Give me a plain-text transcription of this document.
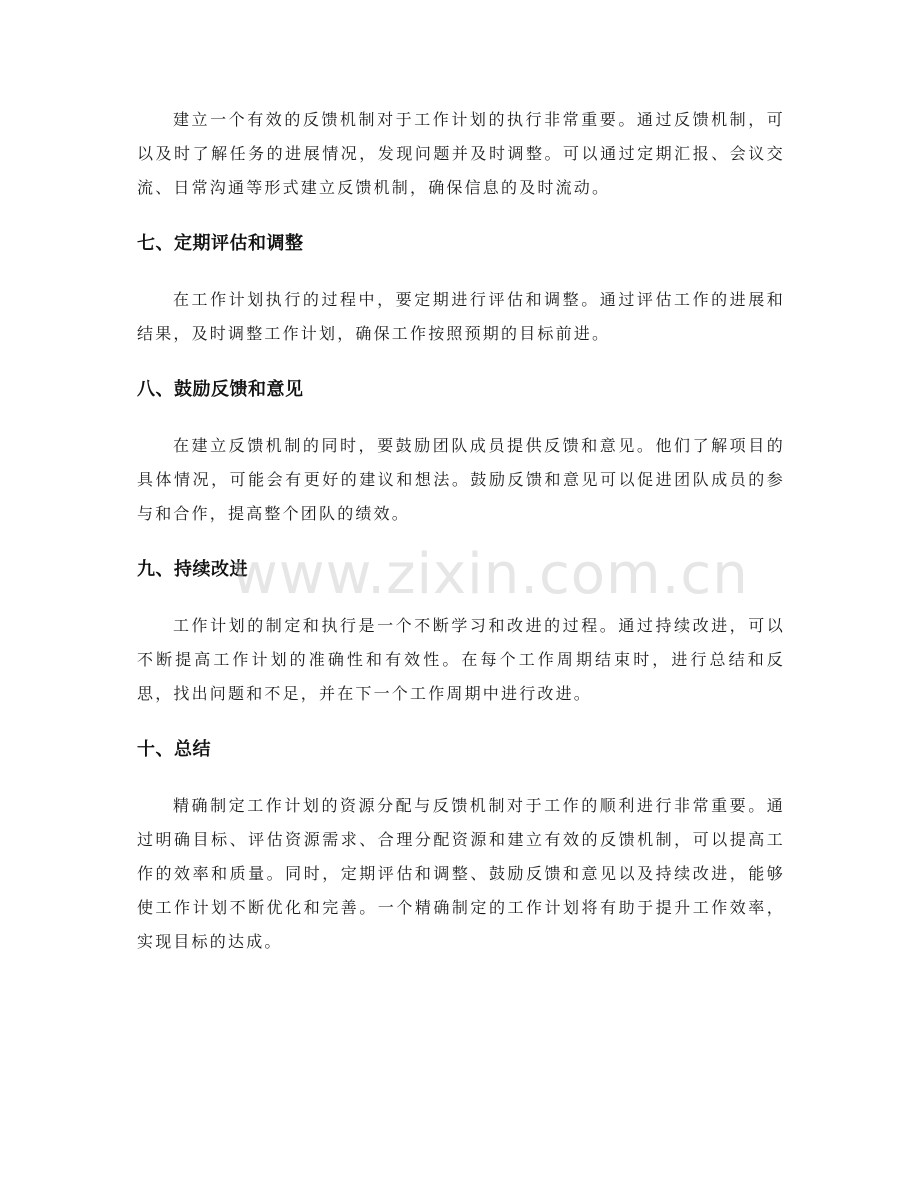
建立一个有效的反馈机制对于工作计划的执行非常重要。通过反馈机制，可以及时了解任务的进展情况，发现问题并及时调整。可以通过定期汇报、会议交流、日常沟通等形式建立反馈机制，确保信息的及时流动。

七、定期评估和调整

在工作计划执行的过程中，要定期进行评估和调整。通过评估工作的进展和结果，及时调整工作计划，确保工作按照预期的目标前进。

八、鼓励反馈和意见

在建立反馈机制的同时，要鼓励团队成员提供反馈和意见。他们了解项目的具体情况，可能会有更好的建议和想法。鼓励反馈和意见可以促进团队成员的参与和合作，提高整个团队的绩效。

九、持续改进

工作计划的制定和执行是一个不断学习和改进的过程。通过持续改进，可以不断提高工作计划的准确性和有效性。在每个工作周期结束时，进行总结和反思，找出问题和不足，并在下一个工作周期中进行改进。

十、总结

精确制定工作计划的资源分配与反馈机制对于工作的顺利进行非常重要。通过明确目标、评估资源需求、合理分配资源和建立有效的反馈机制，可以提高工作的效率和质量。同时，定期评估和调整、鼓励反馈和意见以及持续改进，能够使工作计划不断优化和完善。一个精确制定的工作计划将有助于提升工作效率，实现目标的达成。

www.zixin.com.cn
